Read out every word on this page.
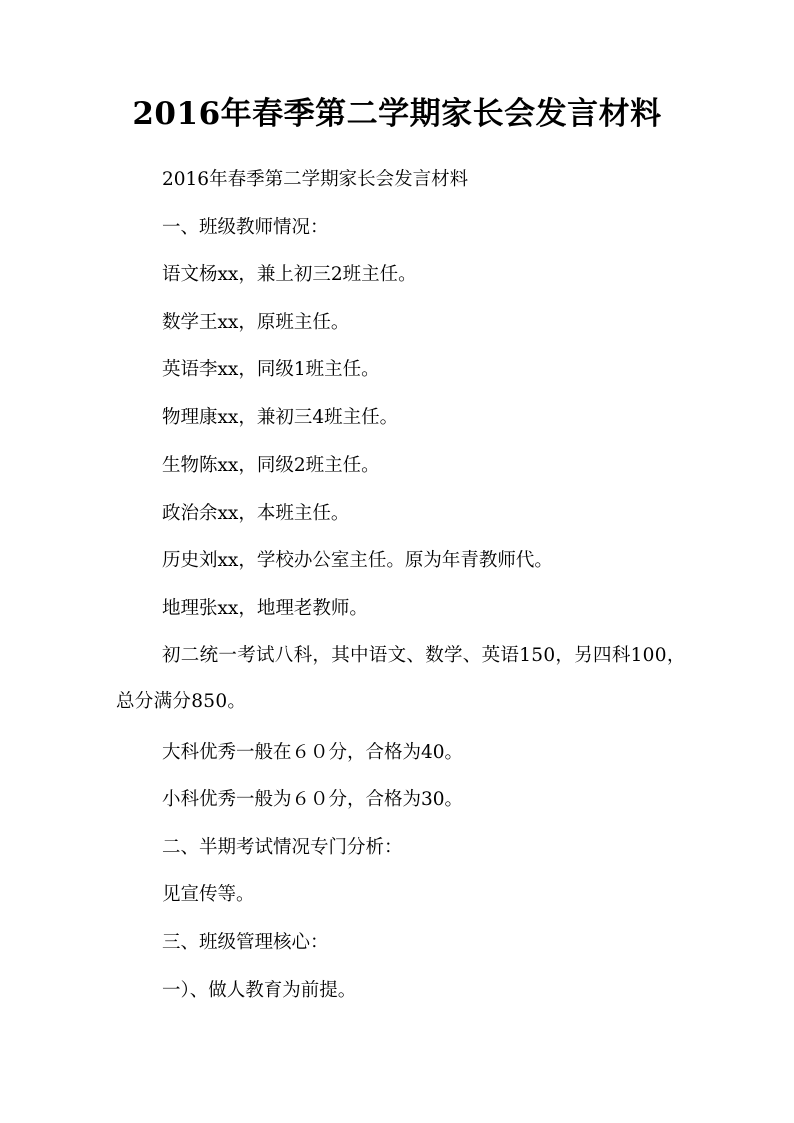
2016年春季第二学期家长会发言材料
2016年春季第二学期家长会发言材料
一、班级教师情况：
语文杨xx，兼上初三2班主任。
数学王xx，原班主任。
英语李xx，同级1班主任。
物理康xx，兼初三4班主任。
生物陈xx，同级2班主任。
政治余xx，本班主任。
历史刘xx，学校办公室主任。原为年青教师代。
地理张xx，地理老教师。
初二统一考试八科，其中语文、数学、英语150，另四科100，总分满分850。
大科优秀一般在６０分，合格为40。
小科优秀一般为６０分，合格为30。
二、半期考试情况专门分析：
见宣传等。
三、班级管理核心：
一）、做人教育为前提。
